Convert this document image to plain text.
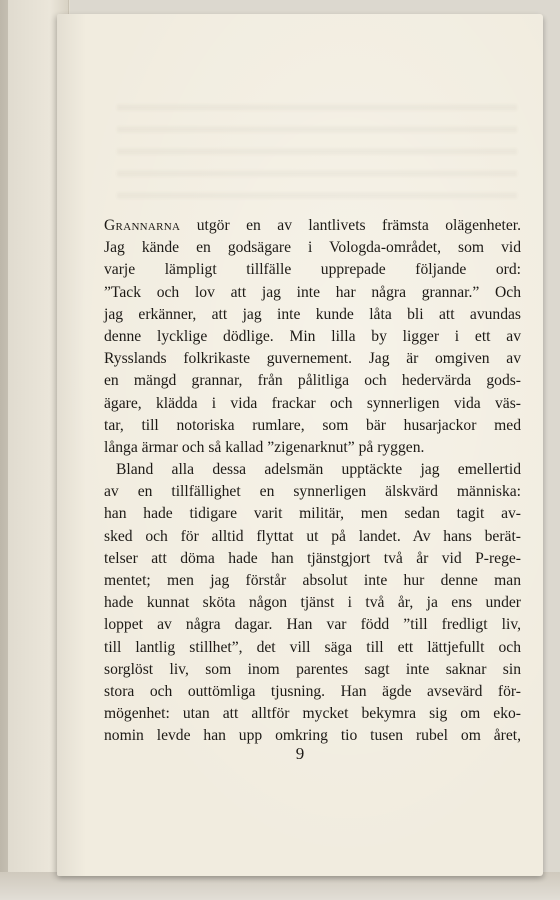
Grannarna utgör en av lantlivets främsta olägenheter.
Jag kände en godsägare i Vologda-området, som vid
varje lämpligt tillfälle upprepade följande ord:
”Tack och lov att jag inte har några grannar.” Och
jag erkänner, att jag inte kunde låta bli att avundas
denne lycklige dödlige. Min lilla by ligger i ett av
Rysslands folkrikaste guvernement. Jag är omgiven av
en mängd grannar, från pålitliga och hedervärda gods-
ägare, klädda i vida frackar och synnerligen vida väs-
tar, till notoriska rumlare, som bär husarjackor med
långa ärmar och så kallad ”zigenarknut” på ryggen.
Bland alla dessa adelsmän upptäckte jag emellertid
av en tillfällighet en synnerligen älskvärd människa:
han hade tidigare varit militär, men sedan tagit av-
sked och för alltid flyttat ut på landet. Av hans berät-
telser att döma hade han tjänstgjort två år vid P-rege-
mentet; men jag förstår absolut inte hur denne man
hade kunnat sköta någon tjänst i två år, ja ens under
loppet av några dagar. Han var född ”till fredligt liv,
till lantlig stillhet”, det vill säga till ett lättjefullt och
sorglöst liv, som inom parentes sagt inte saknar sin
stora och outtömliga tjusning. Han ägde avsevärd för-
mögenhet: utan att alltför mycket bekymra sig om eko-
nomin levde han upp omkring tio tusen rubel om året,
9
